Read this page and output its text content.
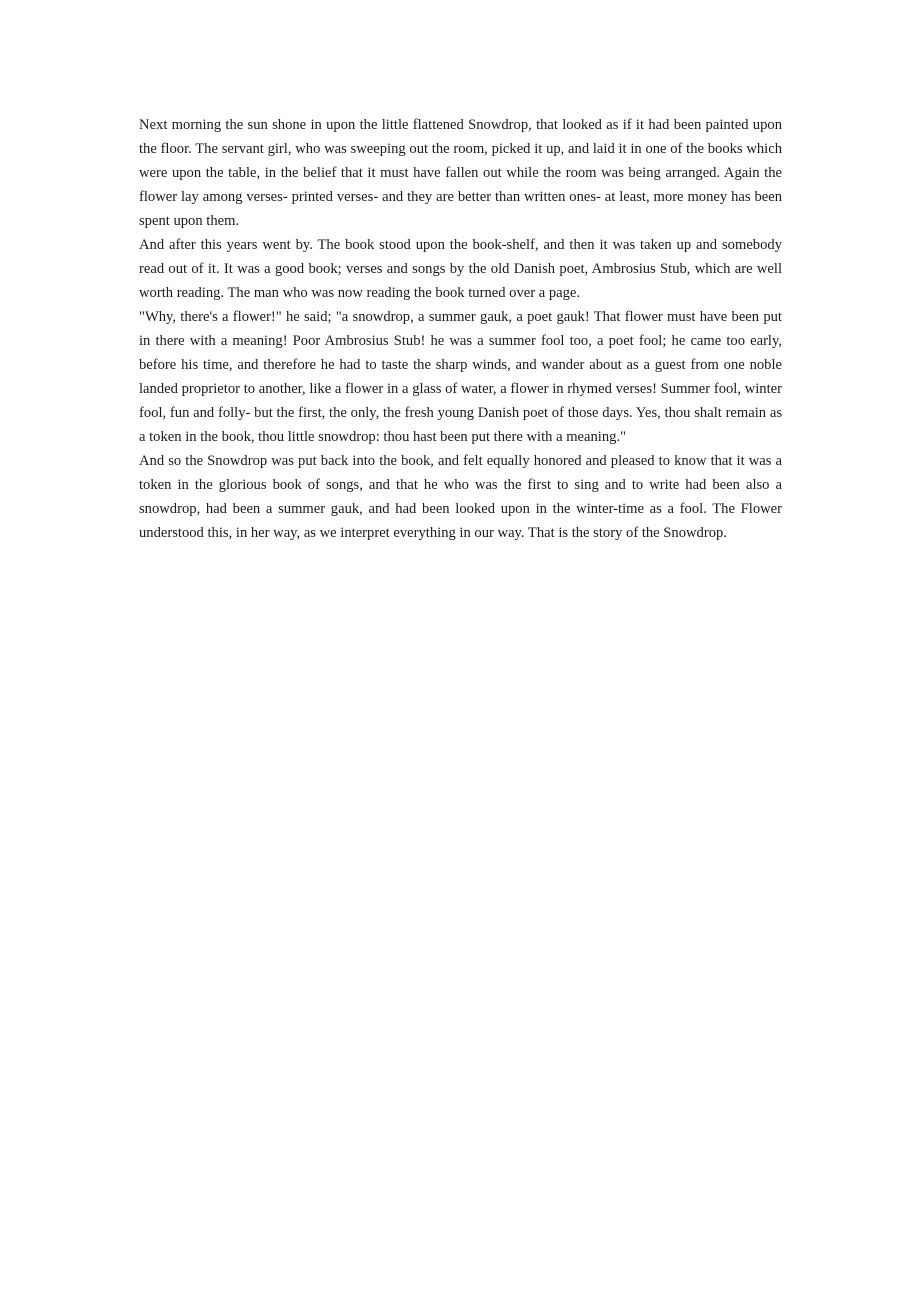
Next morning the sun shone in upon the little flattened Snowdrop, that looked as if it had been painted upon the floor. The servant girl, who was sweeping out the room, picked it up, and laid it in one of the books which were upon the table, in the belief that it must have fallen out while the room was being arranged. Again the flower lay among verses- printed verses- and they are better than written ones- at least, more money has been spent upon them.

And after this years went by. The book stood upon the book-shelf, and then it was taken up and somebody read out of it. It was a good book; verses and songs by the old Danish poet, Ambrosius Stub, which are well worth reading. The man who was now reading the book turned over a page.

"Why, there's a flower!" he said; "a snowdrop, a summer gauk, a poet gauk! That flower must have been put in there with a meaning! Poor Ambrosius Stub! he was a summer fool too, a poet fool; he came too early, before his time, and therefore he had to taste the sharp winds, and wander about as a guest from one noble landed proprietor to another, like a flower in a glass of water, a flower in rhymed verses! Summer fool, winter fool, fun and folly- but the first, the only, the fresh young Danish poet of those days. Yes, thou shalt remain as a token in the book, thou little snowdrop: thou hast been put there with a meaning."

And so the Snowdrop was put back into the book, and felt equally honored and pleased to know that it was a token in the glorious book of songs, and that he who was the first to sing and to write had been also a snowdrop, had been a summer gauk, and had been looked upon in the winter-time as a fool. The Flower understood this, in her way, as we interpret everything in our way. That is the story of the Snowdrop.
